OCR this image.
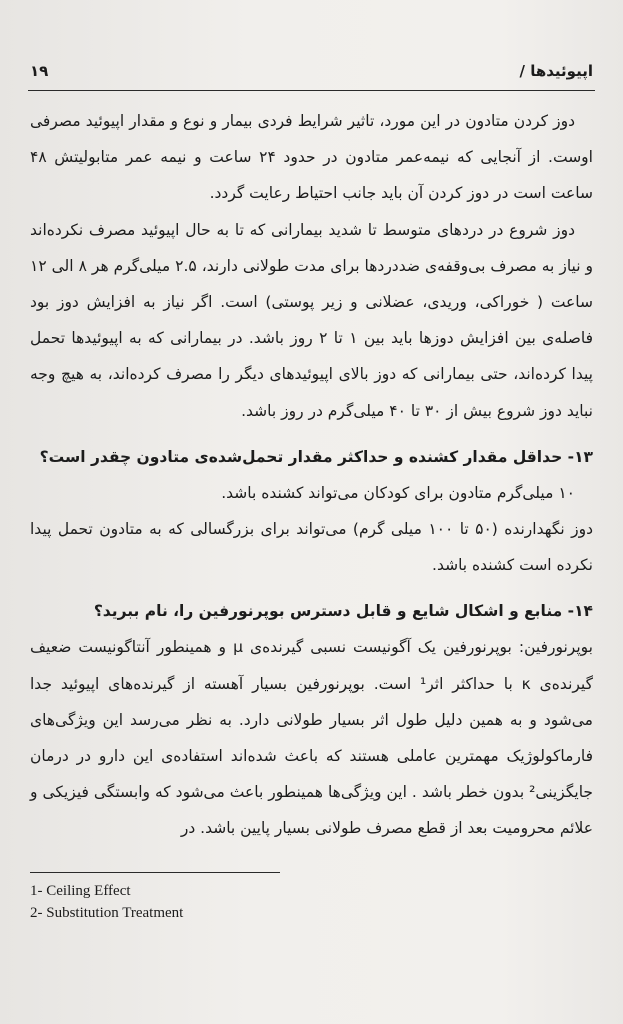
اپیوئیدها /
۱۹

دوز کردن متادون در این مورد، تاثیر شرایط فردی بیمار و نوع و مقدار اپیوئید مصرفی اوست. از آنجایی که نیمه‌عمر متادون در حدود ۲۴ ساعت و نیمه عمر متابولیتش ۴۸ ساعت است در دوز کردن آن باید جانب احتیاط رعایت گردد.

دوز شروع در دردهای متوسط تا شدید بیمارانی که تا به حال اپیوئید مصرف نکرده‌اند و نیاز به مصرف بی‌وقفه‌ی ضددردها برای مدت طولانی دارند، ۲.۵ میلی‌گرم هر ۸ الی ۱۲ ساعت ( خوراکی، وریدی، عضلانی و زیر پوستی) است. اگر نیاز به افزایش دوز بود فاصله‌ی بین افزایش دوزها باید بین ۱ تا ۲ روز باشد. در بیمارانی که به اپیوئیدها تحمل پیدا کرده‌اند، حتی بیمارانی که دوز بالای اپیوئیدهای دیگر را مصرف کرده‌اند، به هیچ وجه نباید دوز شروع بیش از ۳۰ تا ۴۰ میلی‌گرم در روز باشد.

۱۳- حداقل مقدار کشنده و حداکثر مقدار تحمل‌شده‌ی متادون چقدر است؟

۱۰ میلی‌گرم متادون برای کودکان می‌تواند کشنده باشد.

دوز نگهدارنده (۵۰ تا ۱۰۰ میلی گرم) می‌تواند برای بزرگسالی که به متادون تحمل پیدا نکرده است کشنده باشد.

۱۴- منابع و اشکال شایع و قابل دسترس بوپرنورفین را، نام ببرید؟

بوپرنورفین: بوپرنورفین یک آگونیست نسبی گیرنده‌ی μ و همینطور آنتاگونیست ضعیف گیرنده‌ی κ با حداکثر اثر¹ است. بوپرنورفین بسیار آهسته از گیرنده‌های اپیوئید جدا می‌شود و به همین دلیل طول اثر بسیار طولانی دارد. به نظر می‌رسد این ویژگی‌های فارماکولوژیک مهمترین عاملی هستند که باعث شده‌اند استفاده‌ی این دارو در درمان جایگزینی² بدون خطر باشد . این ویژگی‌ها همینطور باعث می‌شود که وابستگی فیزیکی و علائم محرومیت بعد از قطع مصرف طولانی بسیار پایین باشد. در

1- Ceiling Effect
2- Substitution Treatment
